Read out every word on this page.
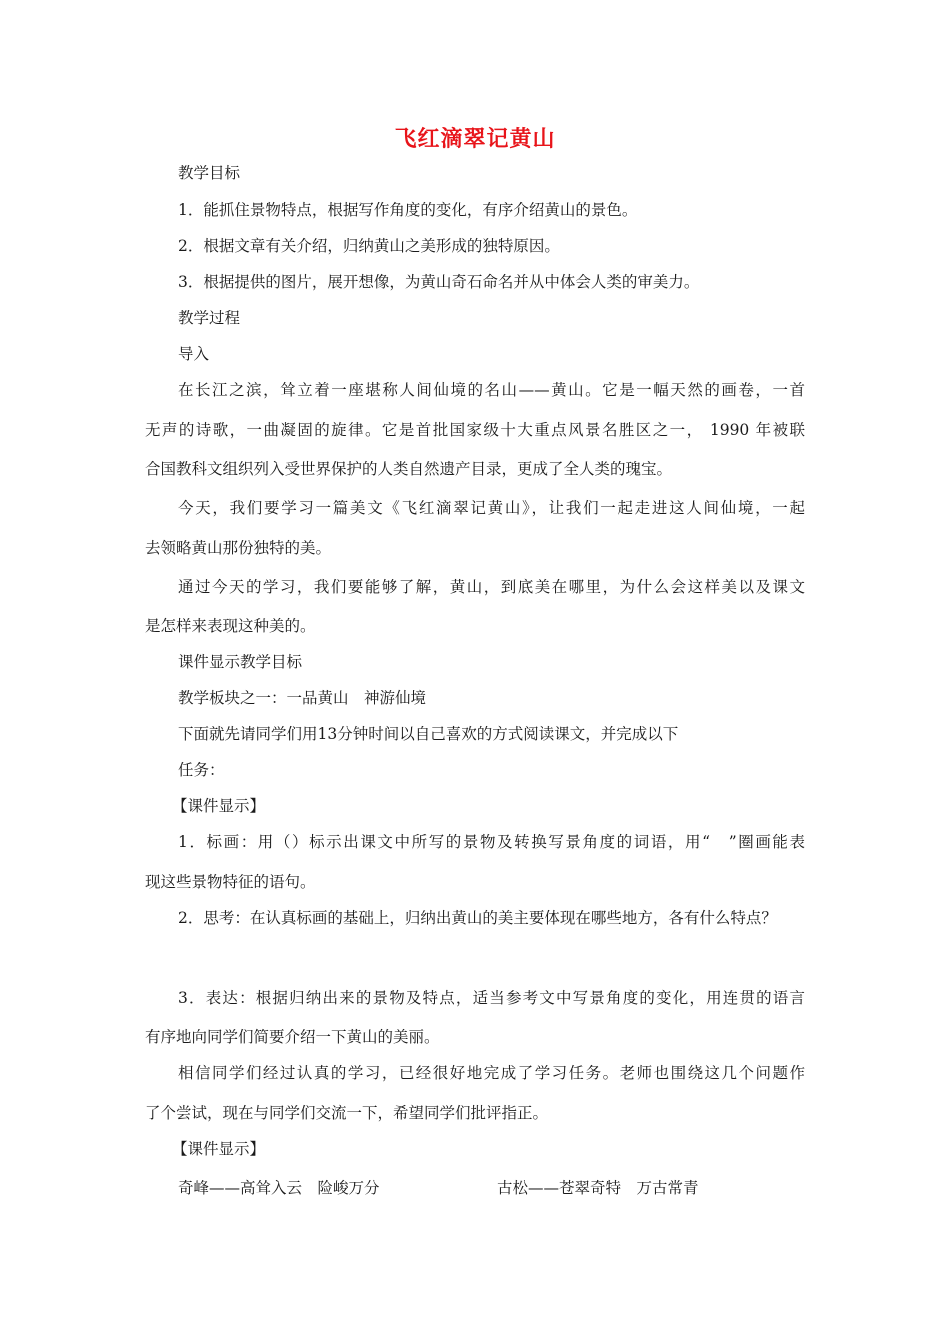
飞红滴翠记黄山
教学目标
1．能抓住景物特点，根据写作角度的变化，有序介绍黄山的景色。
2．根据文章有关介绍，归纳黄山之美形成的独特原因。
3．根据提供的图片，展开想像，为黄山奇石命名并从中体会人类的审美力。
教学过程
导入
在长江之滨，耸立着一座堪称人间仙境的名山——黄山。它是一幅天然的画卷，一首
无声的诗歌，一曲凝固的旋律。它是首批国家级十大重点风景名胜区之一， 1990 年被联
合国教科文组织列入受世界保护的人类自然遗产目录，更成了全人类的瑰宝。
今天，我们要学习一篇美文《飞红滴翠记黄山》，让我们一起走进这人间仙境，一起
去领略黄山那份独特的美。
通过今天的学习，我们要能够了解，黄山，到底美在哪里，为什么会这样美以及课文
是怎样来表现这种美的。
课件显示教学目标
教学板块之一：一品黄山　神游仙境
下面就先请同学们用13分钟时间以自己喜欢的方式阅读课文，并完成以下
任务：
【课件显示】
1．标画：用（）标示出课文中所写的景物及转换写景角度的词语，用“　”圈画能表
现这些景物特征的语句。
2．思考：在认真标画的基础上，归纳出黄山的美主要体现在哪些地方，各有什么特点？
3．表达：根据归纳出来的景物及特点，适当参考文中写景角度的变化，用连贯的语言
有序地向同学们简要介绍一下黄山的美丽。
相信同学们经过认真的学习，已经很好地完成了学习任务。老师也围绕这几个问题作
了个尝试，现在与同学们交流一下，希望同学们批评指正。
【课件显示】
奇峰——高耸入云　险峻万分	古松——苍翠奇特　万古常青
